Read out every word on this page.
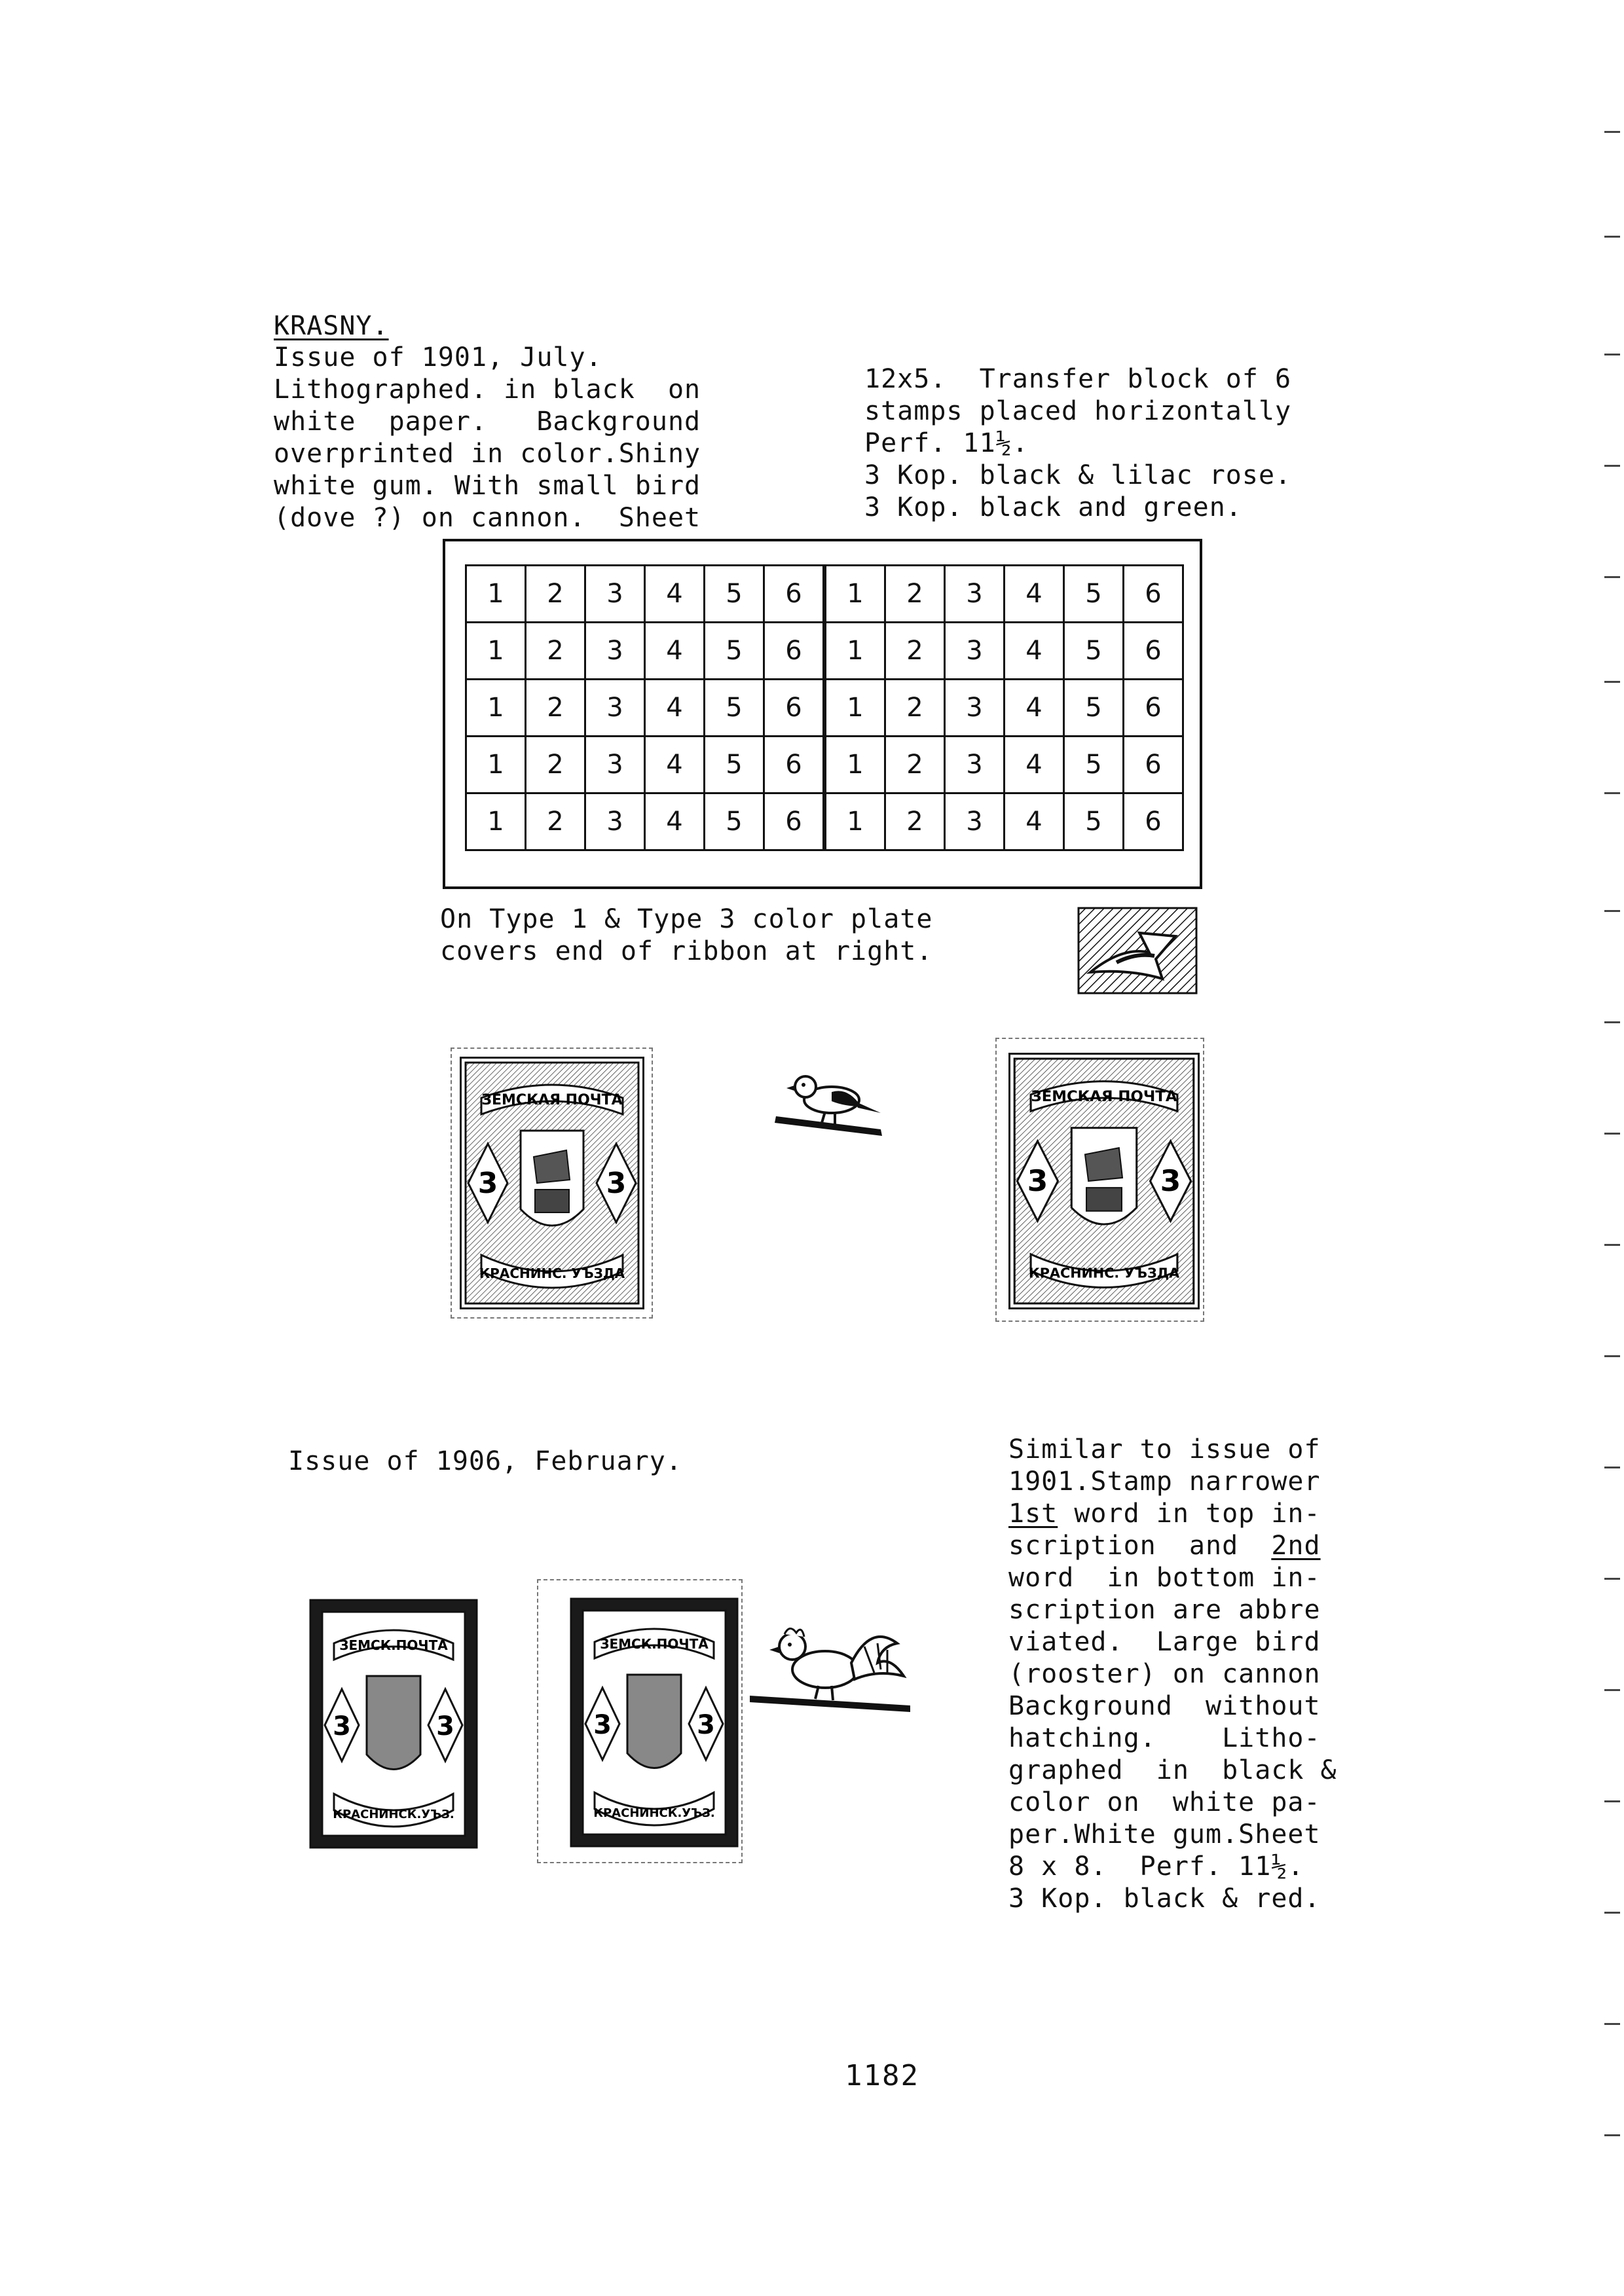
KRASNY.
Issue of 1901, July.
Lithographed. in black  on
white  paper.   Background
overprinted in color.Shiny
white gum. With small bird
(dove ?) on cannon.  Sheet
12x5.  Transfer block of 6
stamps placed horizontally
Perf. 11½.
3 Kop. black & lilac rose.
3 Kop. black and green.
1	2	3	4	5	6	1	2	3	4	5	6
1	2	3	4	5	6	1	2	3	4	5	6
1	2	3	4	5	6	1	2	3	4	5	6
1	2	3	4	5	6	1	2	3	4	5	6
1	2	3	4	5	6	1	2	3	4	5	6
On Type 1 & Type 3 color plate
covers end of ribbon at right.
ЗЕМСКАЯ ПОЧТА
3	3
КРАСНИНС. УЪЗДА
ЗЕМСКАЯ ПОЧТА
3	3
КРАСНИНС. УЪЗДА
Issue of 1906, February.	Similar to issue of
1901.Stamp narrower
1st word in top in-
scription  and  2nd
word  in bottom in-
scription are abbre
viated.  Large bird
(rooster) on cannon
Background  without
hatching.    Litho-
graphed  in  black &
color on  white pa-
per.White gum.Sheet
8 x 8.  Perf. 11½.
3 Kop. black & red.
ЗЕМСК.ПОЧТА
3	3
КРАСНИНСК.УЪЗ.
ЗЕМСК.ПОЧТА
3	3
КРАСНИНСК.УЪЗ.
1182
